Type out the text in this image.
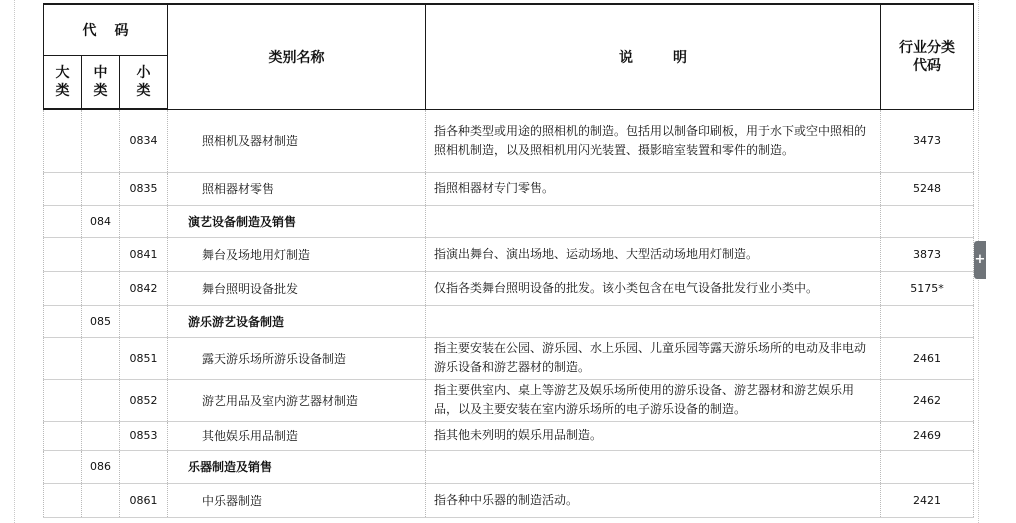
+
代码			类别名称	说明	行业分类代码

大类	中类	小类			

		0834	照相机及器材制造	指各种类型或用途的照相机的制造。包括用以制备印刷板，用于水下或空中照相的照相机制造，以及照相机用闪光装置、摄影暗室装置和零件的制造。	3473
		0835	照相器材零售	指照相器材专门零售。	5248
	084		演艺设备制造及销售		
		0841	舞台及场地用灯制造	指演出舞台、演出场地、运动场地、大型活动场地用灯制造。	3873
		0842	舞台照明设备批发	仅指各类舞台照明设备的批发。该小类包含在电气设备批发行业小类中。	5175*
	085		游乐游艺设备制造		
		0851	露天游乐场所游乐设备制造	指主要安装在公园、游乐园、水上乐园、儿童乐园等露天游乐场所的电动及非电动游乐设备和游艺器材的制造。	2461
		0852	游艺用品及室内游艺器材制造	指主要供室内、桌上等游艺及娱乐场所使用的游乐设备、游艺器材和游艺娱乐用品，以及主要安装在室内游乐场所的电子游乐设备的制造。	2462
		0853	其他娱乐用品制造	指其他未列明的娱乐用品制造。	2469
	086		乐器制造及销售		
		0861	中乐器制造	指各种中乐器的制造活动。	2421
